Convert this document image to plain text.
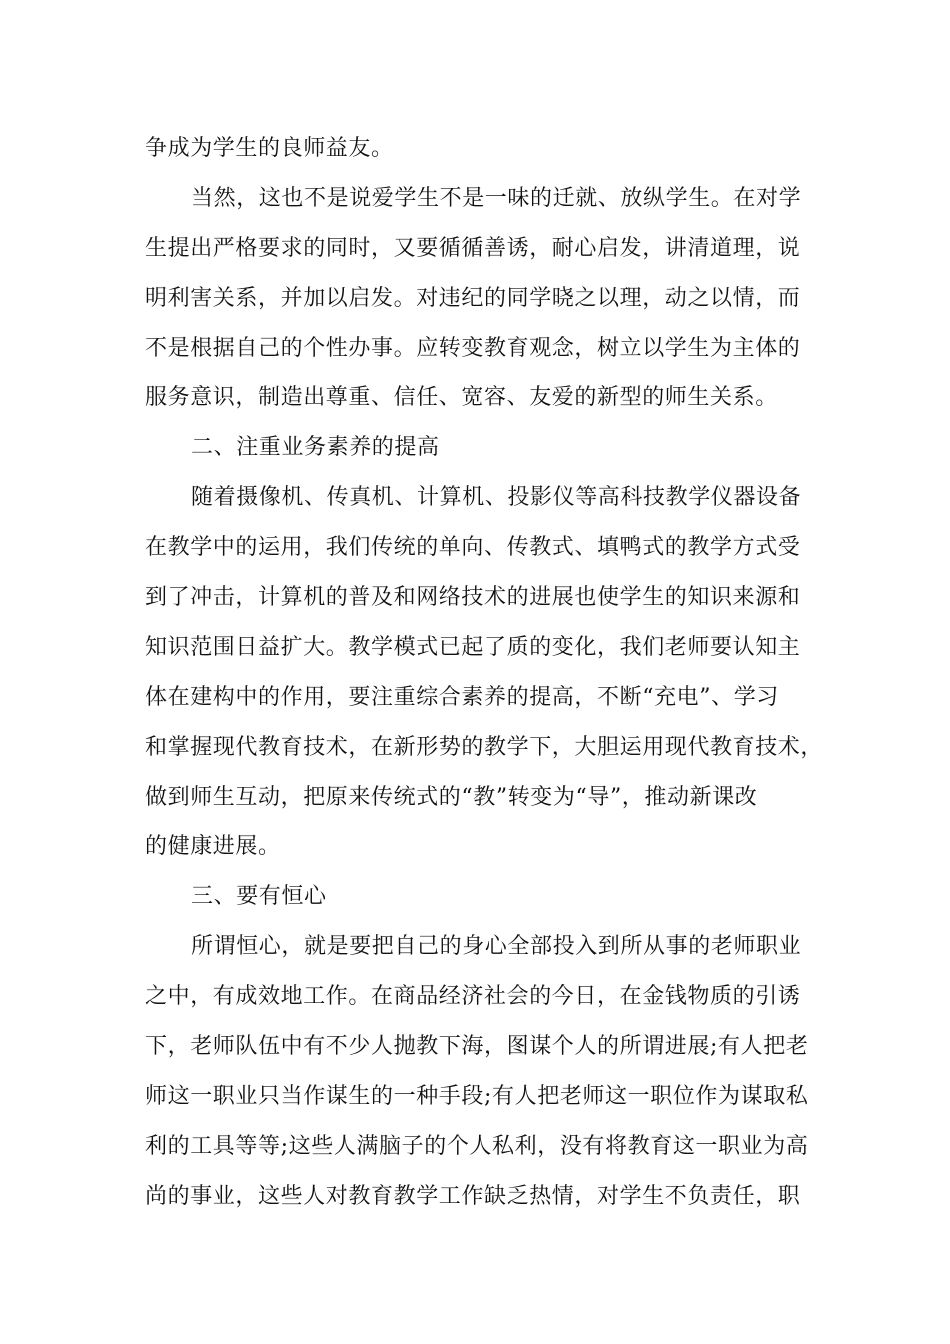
争成为学生的良师益友。
当然，这也不是说爱学生不是一味的迁就、放纵学生。在对学
生提出严格要求的同时，又要循循善诱，耐心启发，讲清道理，说
明利害关系，并加以启发。对违纪的同学晓之以理，动之以情，而
不是根据自己的个性办事。应转变教育观念，树立以学生为主体的
服务意识，制造出尊重、信任、宽容、友爱的新型的师生关系。
二、注重业务素养的提高
随着摄像机、传真机、计算机、投影仪等高科技教学仪器设备
在教学中的运用，我们传统的单向、传教式、填鸭式的教学方式受
到了冲击，计算机的普及和网络技术的进展也使学生的知识来源和
知识范围日益扩大。教学模式已起了质的变化，我们老师要认知主
体在建构中的作用，要注重综合素养的提高，不断“充电”、学习
和掌握现代教育技术，在新形势的教学下，大胆运用现代教育技术，
做到师生互动，把原来传统式的“教”转变为“导”，推动新课改
的健康进展。
三、要有恒心
所谓恒心，就是要把自己的身心全部投入到所从事的老师职业
之中，有成效地工作。在商品经济社会的今日，在金钱物质的引诱
下，老师队伍中有不少人抛教下海，图谋个人的所谓进展;有人把老
师这一职业只当作谋生的一种手段;有人把老师这一职位作为谋取私
利的工具等等;这些人满脑子的个人私利，没有将教育这一职业为高
尚的事业，这些人对教育教学工作缺乏热情，对学生不负责任，职
